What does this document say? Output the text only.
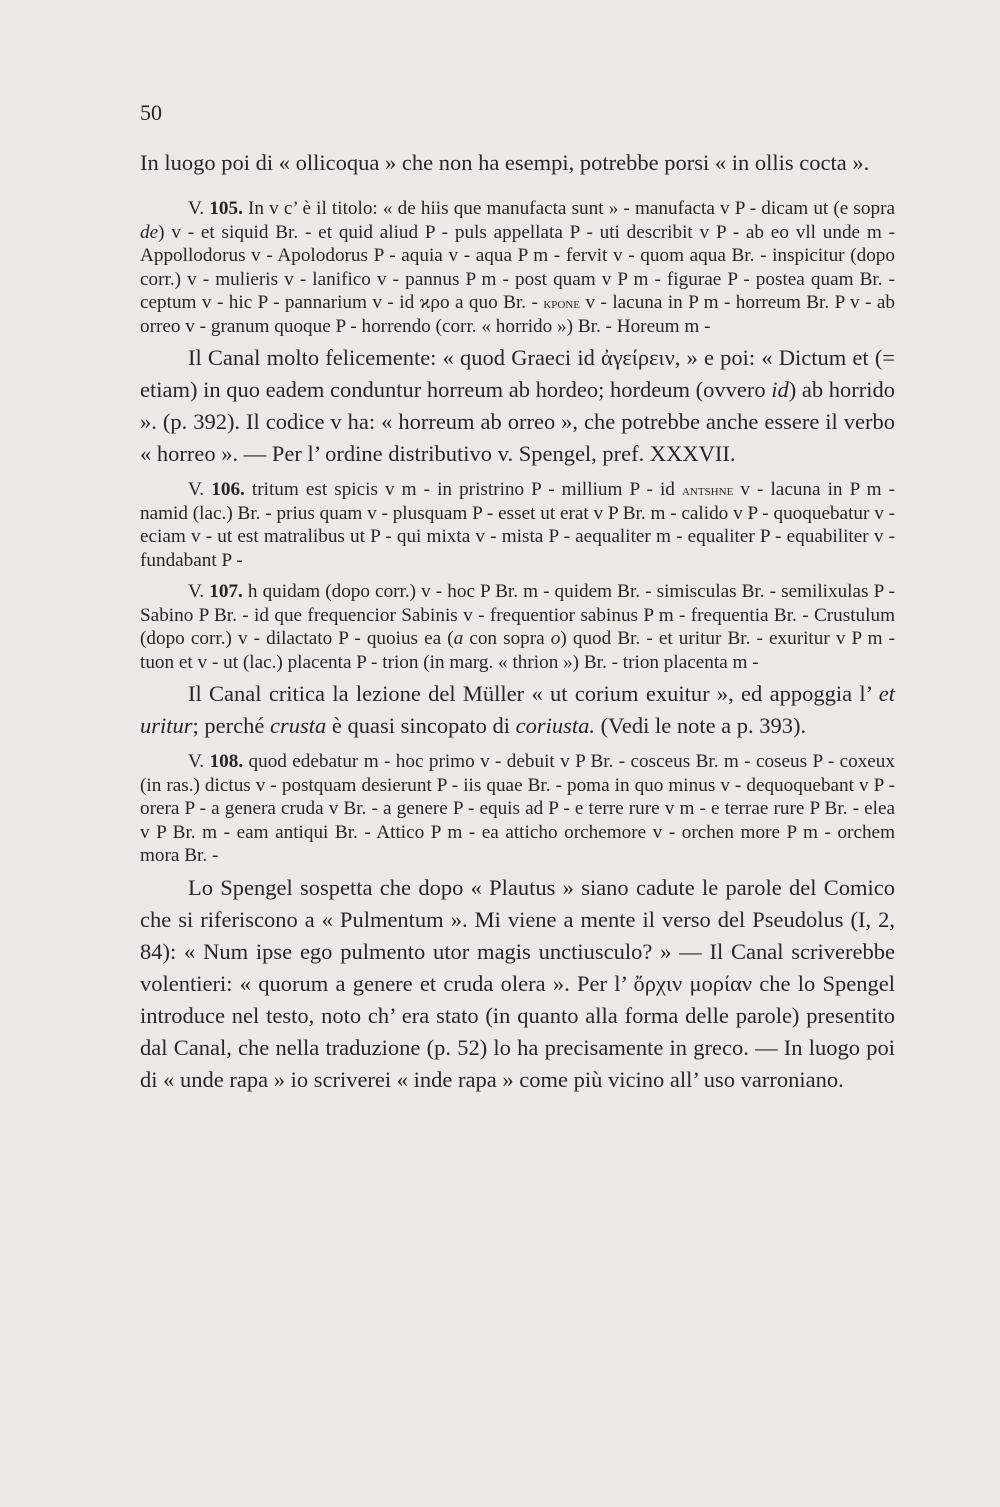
50

In luogo poi di « ollicoqua » che non ha esempi, potrebbe porsi « in ollis cocta ».

V. 105. In v c’ è il titolo: « de hiis que manufacta sunt » - manufacta v P - dicam ut (e sopra de) v - et siquid Br. - et quid aliud P - puls appellata P - uti describit v P - ab eo vll unde m - Appollodorus v - Apolodorus P - aquia v - aqua P m - fervit v - quom aqua Br. - inspicitur (dopo corr.) v - mulieris v - lanifico v - pannus P m - post quam v P m - figurae P - postea quam Br. - ceptum v - hic P - pannarium v - id ϰρο a quo Br. - κρονε v - lacuna in P m - horreum Br. P v - ab orreo v - granum quoque P - horrendo (corr. « horrido ») Br. - Horeum m -

Il Canal molto felicemente: « quod Graeci id ἀγείρειν, » e poi: « Dictum et (= etiam) in quo eadem conduntur horreum ab hordeo; hordeum (ovvero id) ab horrido ». (p. 392). Il codice v ha: « horreum ab orreo », che potrebbe anche essere il verbo « horreo ». — Per l’ ordine distributivo v. Spengel, pref. XXXVII.

V. 106. tritum est spicis v m - in pristrino P - millium P - id αντshne v - lacuna in P m - namid (lac.) Br. - prius quam v - plusquam P - esset ut erat v P Br. m - calido v P - quoquebatur v - eciam v - ut est matralibus ut P - qui mixta v - mista P - aequaliter m - equaliter P - equabiliter v - fundabant P -

V. 107. h quidam (dopo corr.) v - hoc P Br. m - quidem Br. - simisculas Br. - semilixulas P - Sabino P Br. - id que frequencior Sabinis v - frequentior sabinus P m - frequentia Br. - Crustulum (dopo corr.) v - dilactato P - quoius ea (a con sopra o) quod Br. - et uritur Br. - exuritur v P m - tuon et v - ut (lac.) placenta P - trion (in marg. « thrion ») Br. - trion placenta m -

Il Canal critica la lezione del Müller « ut corium exuitur », ed appoggia l’ et uritur; perché crusta è quasi sincopato di coriusta. (Vedi le note a p. 393).

V. 108. quod edebatur m - hoc primo v - debuit v P Br. - cosceus Br. m - coseus P - coxeux (in ras.) dictus v - postquam desierunt P - iis quae Br. - poma in quo minus v - dequoquebant v P - orera P - a genera cruda v Br. - a genere P - equis ad P - e terre rure v m - e terrae rure P Br. - elea v P Br. m - eam antiqui Br. - Attico P m - ea atticho orchemore v - orchen more P m - orchem mora Br. -

Lo Spengel sospetta che dopo « Plautus » siano cadute le parole del Comico che si riferiscono a « Pulmentum ». Mi viene a mente il verso del Pseudolus (I, 2, 84): « Num ipse ego pulmento utor magis unctiusculo? » — Il Canal scriverebbe volentieri: « quorum a genere et cruda olera ». Per l’ ὄρχιν μορίαν che lo Spengel introduce nel testo, noto ch’ era stato (in quanto alla forma delle parole) presentito dal Canal, che nella traduzione (p. 52) lo ha precisamente in greco. — In luogo poi di « unde rapa » io scriverei « inde rapa » come più vicino all’ uso varroniano.
